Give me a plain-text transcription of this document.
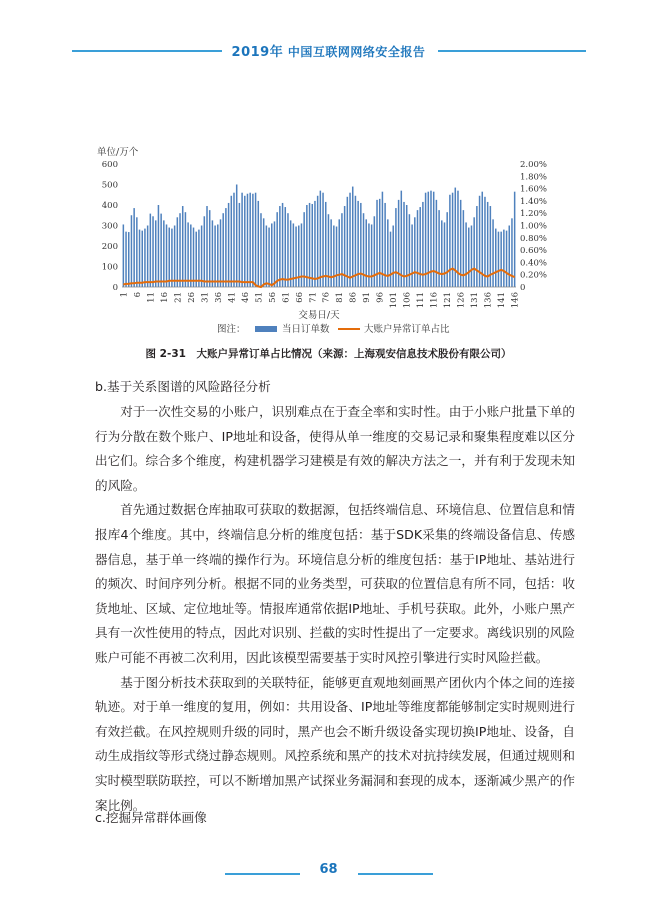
2019年 中国互联网网络安全报告
单位/万个
0
100
200
300
400
500
600
0
0.20%
0.40%
0.60%
0.80%
1.00%
1.20%
1.40%
1.60%
1.80%
2.00%
1 6 11 16 21 26 31 36 41 46 51 56 61 66 71 76 81 86 91 96 101 106 111 116 121 126 131 136 141 146
交易日/天
图注：	当日订单数	大账户异常订单占比
图 2-31　大账户异常订单占比情况（来源：上海观安信息技术股份有限公司）
b.基于关系图谱的风险路径分析

对于一次性交易的小账户，识别难点在于查全率和实时性。由于小账户批量下单的行为分散在数个账户、IP地址和设备，使得从单一维度的交易记录和聚集程度难以区分出它们。综合多个维度，构建机器学习建模是有效的解决方法之一，并有利于发现未知的风险。

首先通过数据仓库抽取可获取的数据源，包括终端信息、环境信息、位置信息和情报库4个维度。其中，终端信息分析的维度包括：基于SDK采集的终端设备信息、传感器信息，基于单一终端的操作行为。环境信息分析的维度包括：基于IP地址、基站进行的频次、时间序列分析。根据不同的业务类型，可获取的位置信息有所不同，包括：收货地址、区域、定位地址等。情报库通常依据IP地址、手机号获取。此外，小账户黑产具有一次性使用的特点，因此对识别、拦截的实时性提出了一定要求。离线识别的风险账户可能不再被二次利用，因此该模型需要基于实时风控引擎进行实时风险拦截。

基于图分析技术获取到的关联特征，能够更直观地刻画黑产团伙内个体之间的连接轨迹。对于单一维度的复用，例如：共用设备、IP地址等维度都能够制定实时规则进行有效拦截。在风控规则升级的同时，黑产也会不断升级设备实现切换IP地址、设备，自动生成指纹等形式绕过静态规则。风控系统和黑产的技术对抗持续发展，但通过规则和实时模型联防联控，可以不断增加黑产试探业务漏洞和套现的成本，逐渐减少黑产的作案比例。

c.挖掘异常群体画像
68
